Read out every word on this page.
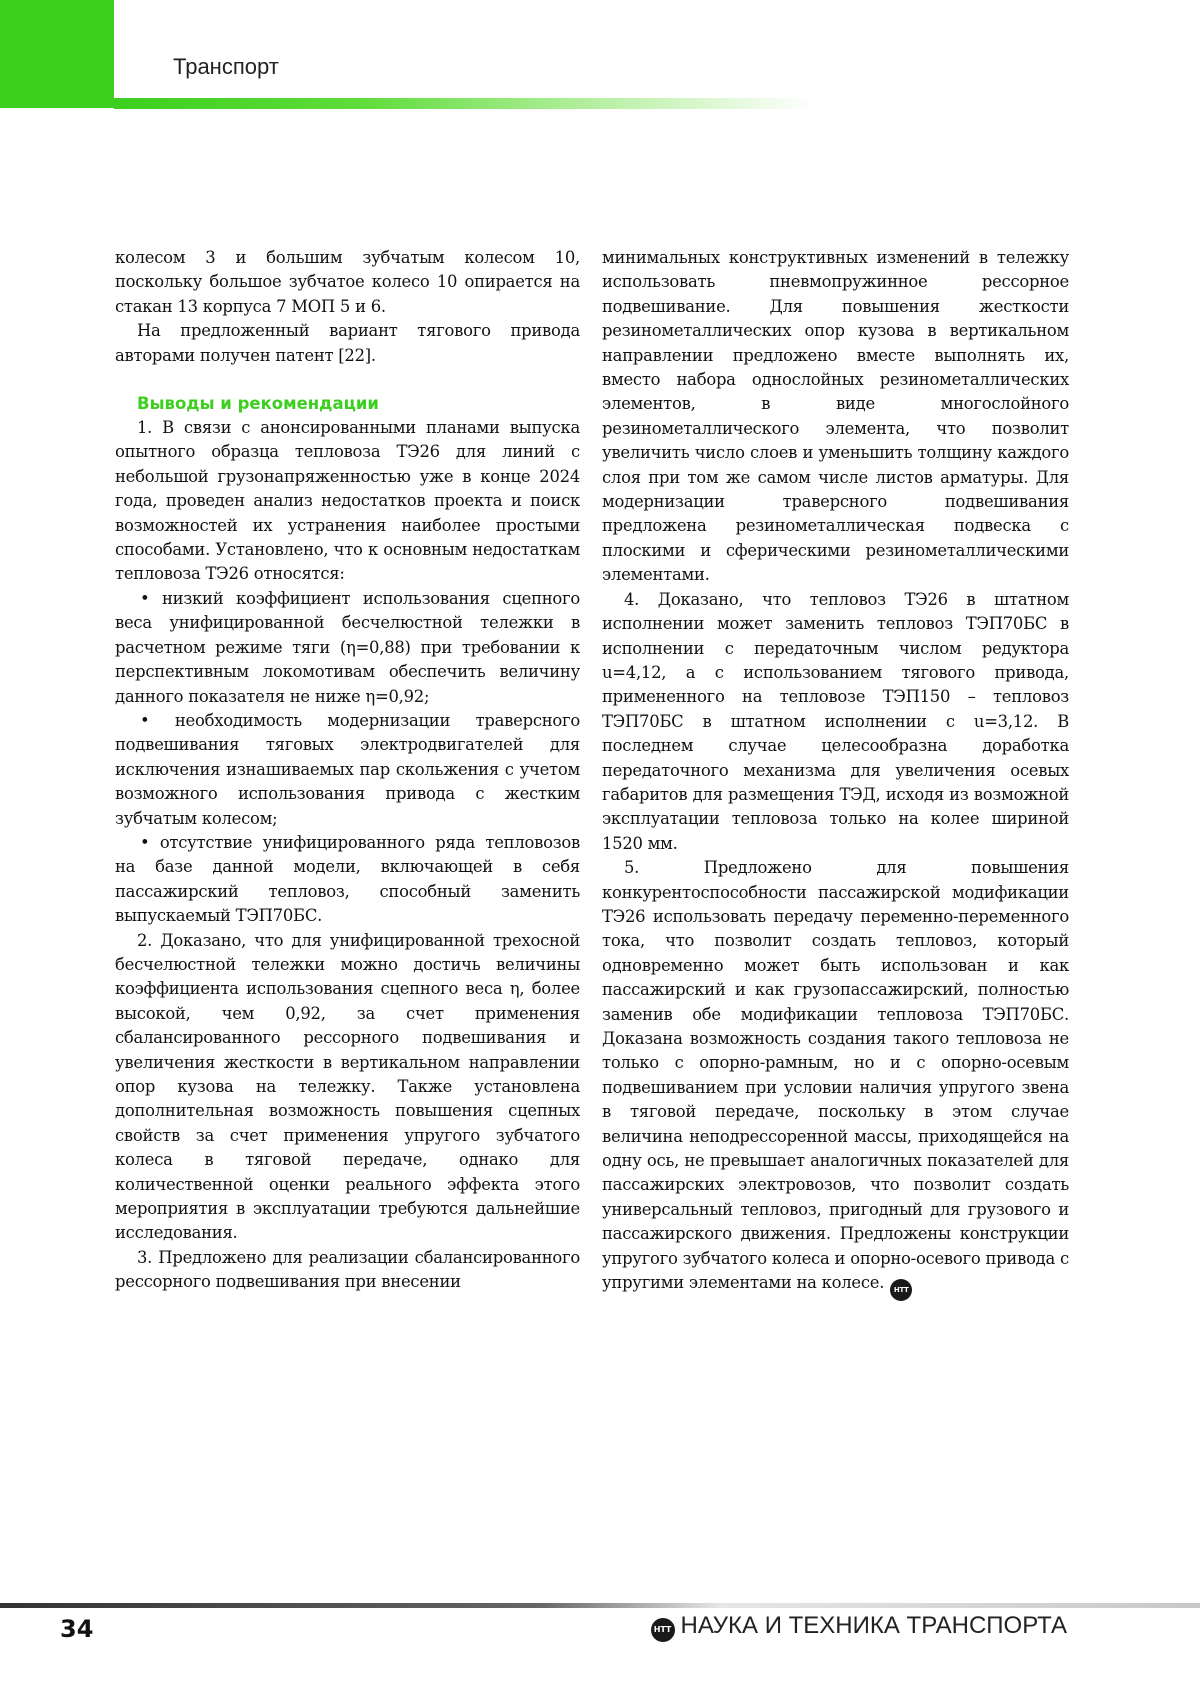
Транспорт

колесом 3 и большим зубчатым колесом 10, поскольку большое зубчатое колесо 10 опирается на стакан 13 корпуса 7 МОП 5 и 6.

На предложенный вариант тягового привода авторами получен патент [22].

Выводы и рекомендации

1. В связи с анонсированными планами выпуска опытного образца тепловоза ТЭ26 для линий с небольшой грузонапряженностью уже в конце 2024 года, проведен анализ недостатков проекта и поиск возможностей их устранения наиболее простыми способами. Установлено, что к основным недостаткам тепловоза ТЭ26 относятся:

• низкий коэффициент использования сцепного веса унифицированной бесчелюстной тележки в расчетном режиме тяги (η=0,88) при требовании к перспективным локомотивам обеспечить величину данного показателя не ниже η=0,92;

• необходимость модернизации траверсного подвешивания тяговых электродвигателей для исключения изнашиваемых пар скольжения с учетом возможного использования привода с жестким зубчатым колесом;

• отсутствие унифицированного ряда тепловозов на базе данной модели, включающей в себя пассажирский тепловоз, способный заменить выпускаемый ТЭП70БС.

2. Доказано, что для унифицированной трехосной бесчелюстной тележки можно достичь величины коэффициента использования сцепного веса η, более высокой, чем 0,92, за счет применения сбалансированного рессорного подвешивания и увеличения жесткости в вертикальном направлении опор кузова на тележку. Также установлена дополнительная возможность повышения сцепных свойств за счет применения упругого зубчатого колеса в тяговой передаче, однако для количественной оценки реального эффекта этого мероприятия в эксплуатации требуются дальнейшие исследования.

3. Предложено для реализации сбалансированного рессорного подвешивания при внесении

минимальных конструктивных изменений в тележку использовать пневмопружинное рессорное подвешивание. Для повышения жесткости резинометаллических опор кузова в вертикальном направлении предложено вместе выполнять их, вместо набора однослойных резинометаллических элементов, в виде многослойного резинометаллического элемента, что позволит увеличить число слоев и уменьшить толщину каждого слоя при том же самом числе листов арматуры. Для модернизации траверсного подвешивания предложена резинометаллическая подвеска с плоскими и сферическими резинометаллическими элементами.

4. Доказано, что тепловоз ТЭ26 в штатном исполнении может заменить тепловоз ТЭП70БС в исполнении с передаточным числом редуктора u=4,12, а с использованием тягового привода, примененного на тепловозе ТЭП150 – тепловоз ТЭП70БС в штатном исполнении с u=3,12. В последнем случае целесообразна доработка передаточного механизма для увеличения осевых габаритов для размещения ТЭД, исходя из возможной эксплуатации тепловоза только на колее шириной 1520 мм.

5. Предложено для повышения конкурентоспособности пассажирской модификации ТЭ26 использовать передачу переменно-переменного тока, что позволит создать тепловоз, который одновременно может быть использован и как пассажирский и как грузопассажирский, полностью заменив обе модификации тепловоза ТЭП70БС. Доказана возможность создания такого тепловоза не только с опорно-рамным, но и с опорно-осевым подвешиванием при условии наличия упругого звена в тяговой передаче, поскольку в этом случае величина неподрессоренной массы, приходящейся на одну ось, не превышает аналогичных показателей для пассажирских электровозов, что позволит создать универсальный тепловоз, пригодный для грузового и пассажирского движения. Предложены конструкции упругого зубчатого колеса и опорно-осевого привода с упругими элементами на колесе. НТТ

34	НТТ НАУКА И ТЕХНИКА ТРАНСПОРТА
